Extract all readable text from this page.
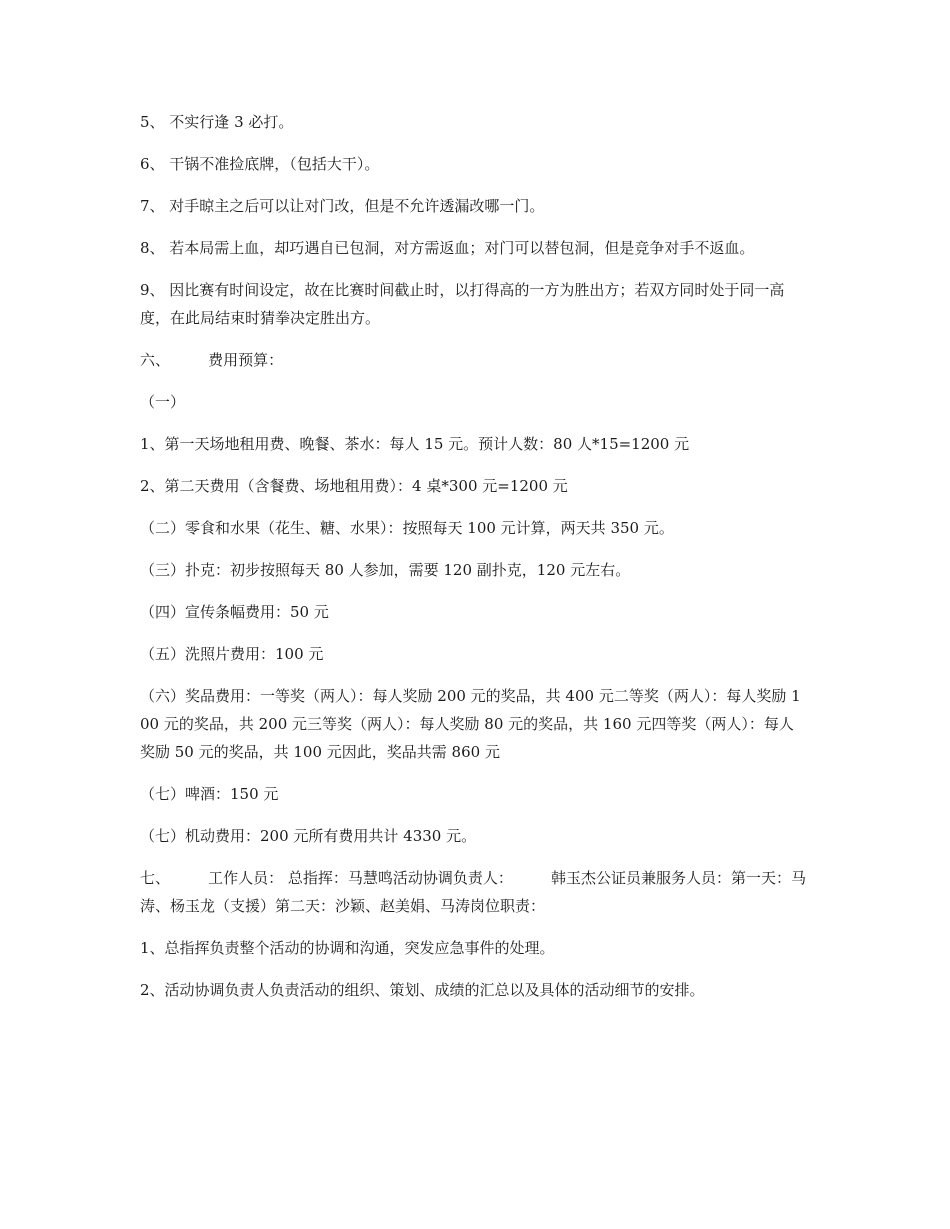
5、 不实行逢 3 必打。

6、 干锅不准捡底牌，（包括大干）。

7、 对手晾主之后可以让对门改，但是不允许透漏改哪一门。

8、 若本局需上血，却巧遇自已包洞，对方需返血；对门可以替包洞，但是竞争对手不返血。

9、 因比赛有时间设定，故在比赛时间截止时，以打得高的一方为胜出方；若双方同时处于同一高度，在此局结束时猜拳决定胜出方。

六、        费用预算：

（一）

1、第一天场地租用费、晚餐、茶水：每人 15 元。预计人数：80 人*15=1200 元

2、第二天费用（含餐费、场地租用费）：4 桌*300 元=1200 元

（二）零食和水果（花生、糖、水果）：按照每天 100 元计算，两天共 350 元。

（三）扑克：初步按照每天 80 人参加，需要 120 副扑克，120 元左右。

（四）宣传条幅费用：50 元

（五）洗照片费用：100 元

（六）奖品费用：一等奖（两人）：每人奖励 200 元的奖品，共 400 元二等奖（两人）：每人奖励 100 元的奖品，共 200 元三等奖（两人）：每人奖励 80 元的奖品，共 160 元四等奖（两人）：每人奖励 50 元的奖品，共 100 元因此，奖品共需 860 元

（七）啤酒：150 元

（七）机动费用：200 元所有费用共计 4330 元。

七、        工作人员： 总指挥：马慧鸣活动协调负责人：        韩玉杰公证员兼服务人员：第一天：马涛、杨玉龙（支援）第二天：沙颖、赵美娟、马涛岗位职责：

1、总指挥负责整个活动的协调和沟通，突发应急事件的处理。

2、活动协调负责人负责活动的组织、策划、成绩的汇总以及具体的活动细节的安排。
